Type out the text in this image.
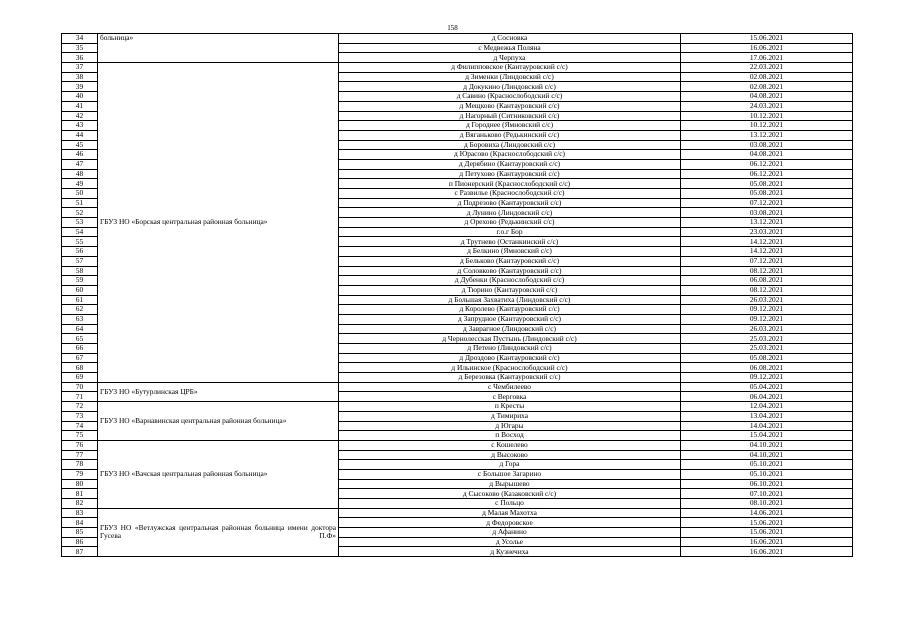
158
34	больница»	д Сосновка	15.06.2021
35		с Медвежья Поляна	16.06.2021
36		д Черпуха	17.06.2021
37	ГБУЗ НО «Борская центральная районная больница»	д Филипповское (Кантауровский с/с)	22.03.2021
38		д Зименки (Линдовский с/с)	02.08.2021
39		д Докукино (Линдовский с/с)	02.08.2021
40		д Савино (Краснослободский с/с)	04.08.2021
41		д Мещково (Кантауровский с/с)	24.03.2021
42		д Нагорный (Ситниковский с/с)	10.12.2021
43		д Городнее (Ямновский с/с)	10.12.2021
44		д Вяганьково (Редькинский с/с)	13.12.2021
45		д Боровиха (Линдовский с/с)	03.08.2021
46		д Юрасово (Краснослободский с/с)	04.08.2021
47		д Дерябино (Кантауровский с/с)	06.12.2021
48		д Петухово (Кантауровский с/с)	06.12.2021
49		п Пионерский (Краснослободский с/с)	05.08.2021
50		с Развилье (Краснослободский с/с)	05.08.2021
51		д Подрезово (Кантауровский с/с)	07.12.2021
52		д Лунино (Линдовский с/с)	03.08.2021
53		д Орехово (Редькинский с/с)	13.12.2021
54		г.о.г Бор	23.03.2021
55		д Трутнево (Останкинский с/с)	14.12.2021
56		д Белкино (Ямновский с/с)	14.12.2021
57		д Бельково (Кантауровский с/с)	07.12.2021
58		д Соловково (Кантауровский с/с)	08.12.2021
59		д Дубенки (Краснослободский с/с)	06.08.2021
60		д Тюрино (Кантауровский с/с)	08.12.2021
61		д Большая Захватиха (Линдовский с/с)	26.03.2021
62		д Королево (Кантауровский с/с)	09.12.2021
63		д Запрудное (Кантауровский с/с)	09.12.2021
64		д Заврагное (Линдовский с/с)	26.03.2021
65		д Чернолесская Пустынь (Линдовский с/с)	25.03.2021
66		д Петено (Линдовский с/с)	25.03.2021
67		д Дроздово (Кантауровский с/с)	05.08.2021
68		д Ильинское (Краснослободский с/с)	06.08.2021
69		д Березовка (Кантауровский с/с)	09.12.2021
70	ГБУЗ НО «Бутурлинская ЦРБ»	с Чембилеево	05.04.2021
71		с Верговка	06.04.2021
72	ГБУЗ НО «Варнавинская центральная районная больница»	п Кресты	12.04.2021
73		д Тимириха	13.04.2021
74		д Югары	14.04.2021
75		п Восход	15.04.2021
76	ГБУЗ НО «Вачская центральная районная больница»	с Кошелево	04.10.2021
77		д Высоково	04.10.2021
78		д Гора	05.10.2021
79		с Большое Загарино	05.10.2021
80		д Вырышево	06.10.2021
81		д Сысоково (Казаковский с/с)	07.10.2021
82		с Польцо	08.10.2021
83	ГБУЗ НО «Ветлужская центральная районная больница имени доктора Гусева П.Ф»	д Малая Махотха	14.06.2021
84		д Федоровское	15.06.2021
85		д Афанино	15.06.2021
86		д Усолье	16.06.2021
87		д Кузнечиха	16.06.2021
